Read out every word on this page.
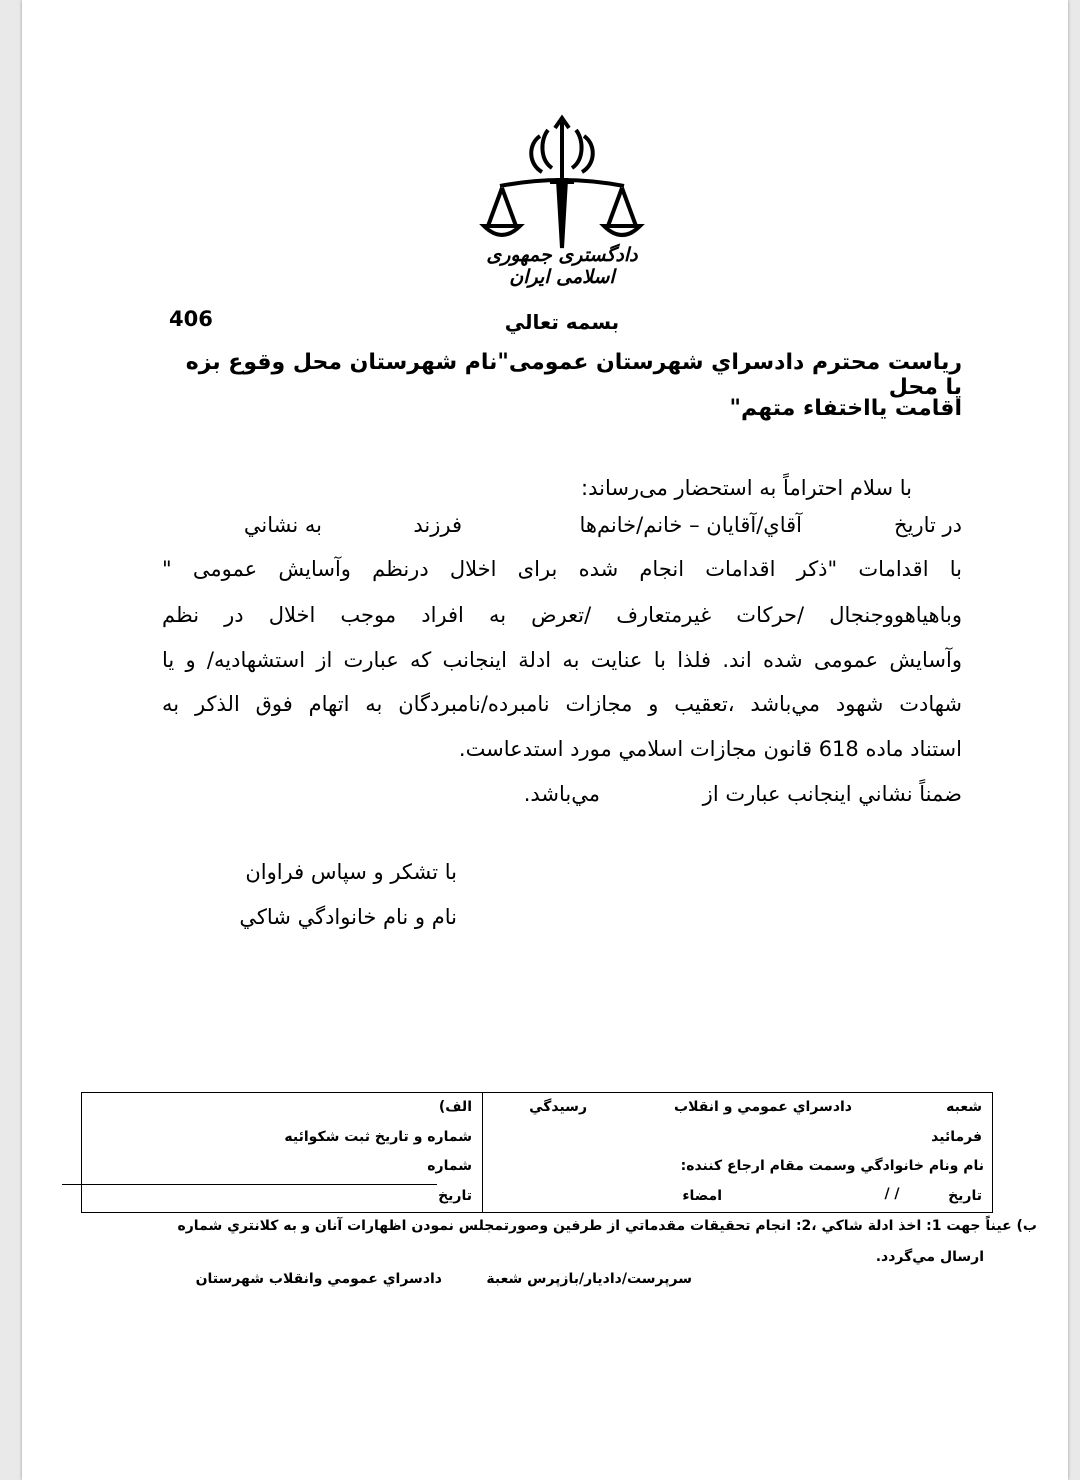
دادگستری جمهوری اسلامی ایران
406	بسمه تعالي
رياست محترم دادسراي شهرستان عمومی"نام شهرستان محل وقوع بزه يا محل
اقامت يااختفاء متهم"
با سلام احتراماً به استحضار می‌رساند:
در تاريخ
آقاي/آقايان – خانم/خانم‌ها
فرزند
به نشاني
با اقدامات "ذکر اقدامات انجام شده برای اخلال درنظم وآسايش عمومی "
وباهياهووجنجال /حرکات غيرمتعارف /تعرض به افراد موجب اخلال در نظم
وآسايش عمومی شده اند. فلذا با عنايت به ادلة اينجانب که عبارت از استشهاديه/ و يا
شهادت شهود مي‌باشد ،تعقيب و مجازات نامبرده/نامبردگان به اتهام فوق الذکر به
استناد ماده 618 قانون مجازات اسلامي مورد استدعاست.
ضمناً نشاني اينجانب عبارت از
مي‌باشد.
با تشکر و سپاس فراوان
نام و نام خانوادگي شاکي
شعبه
دادسراي عمومي و انقلاب
رسيدگي
فرمائيد
نام ونام خانوادگي وسمت مقام ارجاع کننده:
تاريخ
/ /
امضاء
الف)
شماره و تاريخ ثبت شکوائيه
شماره
تاريخ
ب) عيناً جهت 1: اخذ ادلة شاکي ،2: انجام تحقيقات مقدماتي از طرفين وصورتمجلس نمودن اظهارات آنان و
به کلانتري شماره
ارسال مي‌گردد.
سرپرست/داديار/بازپرس شعبة
دادسراي عمومي وانقلاب شهرستان
